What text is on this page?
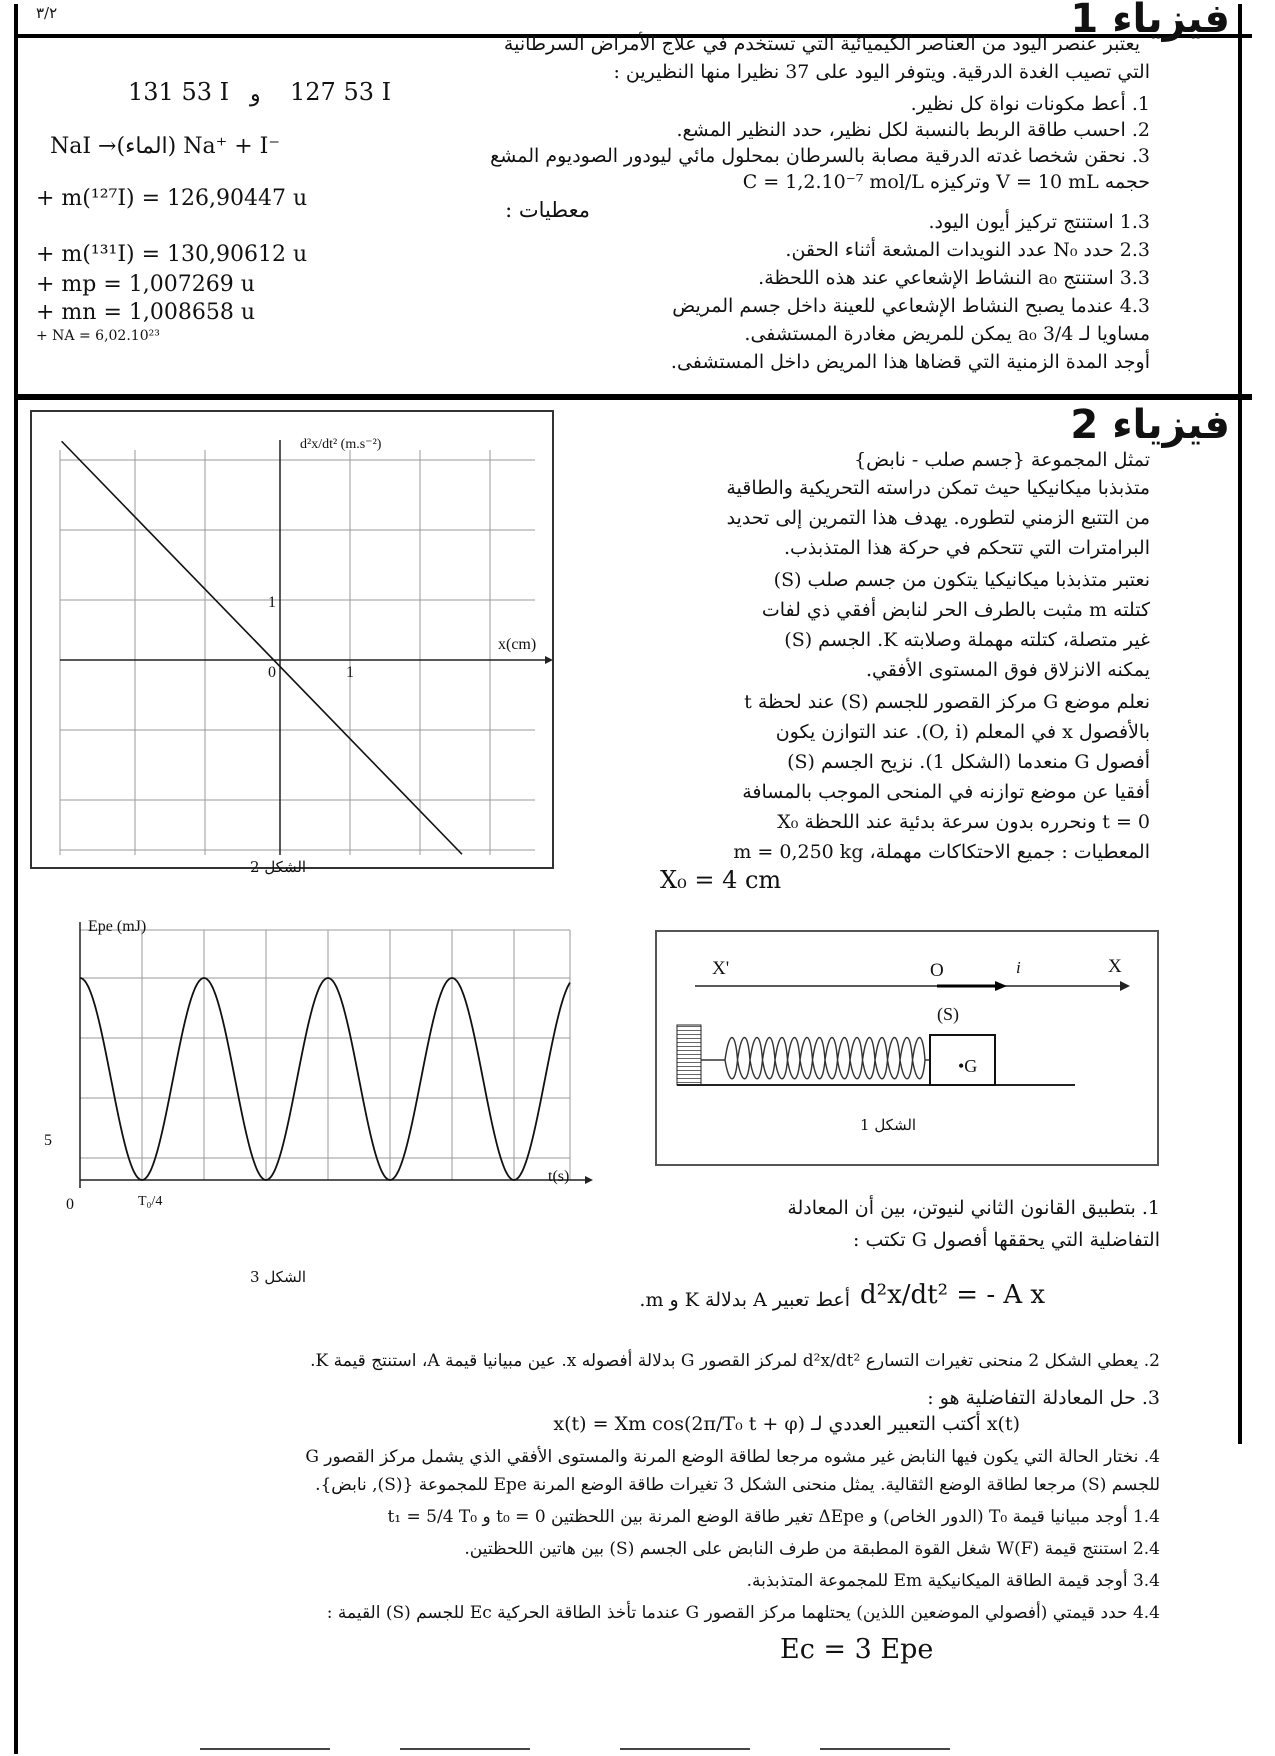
٣/٢	فيزياء 1
يعتبر عنصر اليود من العناصر الكيميائية التي تستخدم في علاج الأمراض السرطانية
التي تصيب الغدة الدرقية. ويتوفر اليود على 37 نظيرا منها النظيرين :
131 53 I و 127 53 I	1. أعط مكونات نواة كل نظير.
2. احسب طاقة الربط بالنسبة لكل نظير، حدد النظير المشع.
3. نحقن شخصا غدته الدرقية مصابة بالسرطان بمحلول مائي ليودور الصوديوم المشع
NaI →(الماء) Na⁺ + I⁻
حجمه V = 10 mL وتركيزه C = 1,2.10⁻⁷ mol/L
معطيات :
+ m(¹²⁷I) = 126,90447 u
+ m(¹³¹I) = 130,90612 u
+ mp = 1,007269 u
+ mn = 1,008658 u
+ NA = 6,02.10²³
1.3 استنتج تركيز أيون اليود.
2.3 حدد N₀ عدد النويدات المشعة أثناء الحقن.
3.3 استنتج a₀ النشاط الإشعاعي عند هذه اللحظة.
4.3 عندما يصبح النشاط الإشعاعي للعينة داخل جسم المريض
مساويا لـ 3/4 a₀ يمكن للمريض مغادرة المستشفى.
أوجد المدة الزمنية التي قضاها هذا المريض داخل المستشفى.
فيزياء 2
d²x/dt² (m.s⁻²)
x(cm)
1
1
0
الشكل 2
تمثل المجموعة {جسم صلب - نابض}
متذبذبا ميكانيكيا حيث تمكن دراسته التحريكية والطاقية
من التتبع الزمني لتطوره. يهدف هذا التمرين إلى تحديد
البرامترات التي تتحكم في حركة هذا المتذبذب.
نعتبر متذبذبا ميكانيكيا يتكون من جسم صلب (S)
كتلته m مثبت بالطرف الحر لنابض أفقي ذي لفات
غير متصلة، كتلته مهملة وصلابته K. الجسم (S)
يمكنه الانزلاق فوق المستوى الأفقي.
نعلم موضع G مركز القصور للجسم (S) عند لحظة t
بالأفصول x في المعلم (O, i). عند التوازن يكون
أفصول G منعدما (الشكل 1). نزيح الجسم (S)
أفقيا عن موضع توازنه في المنحى الموجب بالمسافة
X₀ ونحرره بدون سرعة بدئية عند اللحظة t = 0
المعطيات : جميع الاحتكاكات مهملة، m = 0,250 kg
X₀ = 4 cm
Epe (mJ)
t(s)
5
0	T₀/4
الشكل 3
X'	X
O	i
(S)
•G
الشكل 1
1. بتطبيق القانون الثاني لنيوتن، بين أن المعادلة
التفاضلية التي يحققها أفصول G تكتب :
d²x/dt² = - A x
أعط تعبير A بدلالة K و m.
2. يعطي الشكل 2 منحنى تغيرات التسارع d²x/dt² لمركز القصور G بدلالة أفصوله x. عين مبيانيا قيمة A، استنتج قيمة K.
3. حل المعادلة التفاضلية هو :
x(t) = Xm cos(2π/T₀ t + φ) أكتب التعبير العددي لـ x(t)
4. نختار الحالة التي يكون فيها النابض غير مشوه مرجعا لطاقة الوضع المرنة والمستوى الأفقي الذي يشمل مركز القصور G
للجسم (S) مرجعا لطاقة الوضع الثقالية. يمثل منحنى الشكل 3 تغيرات طاقة الوضع المرنة Epe للمجموعة {(S), نابض}.
1.4 أوجد مبيانيا قيمة T₀ (الدور الخاص) و ΔEpe تغير طاقة الوضع المرنة بين اللحظتين t₀ = 0 و t₁ = 5/4 T₀
2.4 استنتج قيمة W(F) شغل القوة المطبقة من طرف النابض على الجسم (S) بين هاتين اللحظتين.
3.4 أوجد قيمة الطاقة الميكانيكية Em للمجموعة المتذبذبة.
4.4 حدد قيمتي (أفصولي الموضعين اللذين) يحتلهما مركز القصور G عندما تأخذ الطاقة الحركية Ec للجسم (S) القيمة :
Ec = 3 Epe
